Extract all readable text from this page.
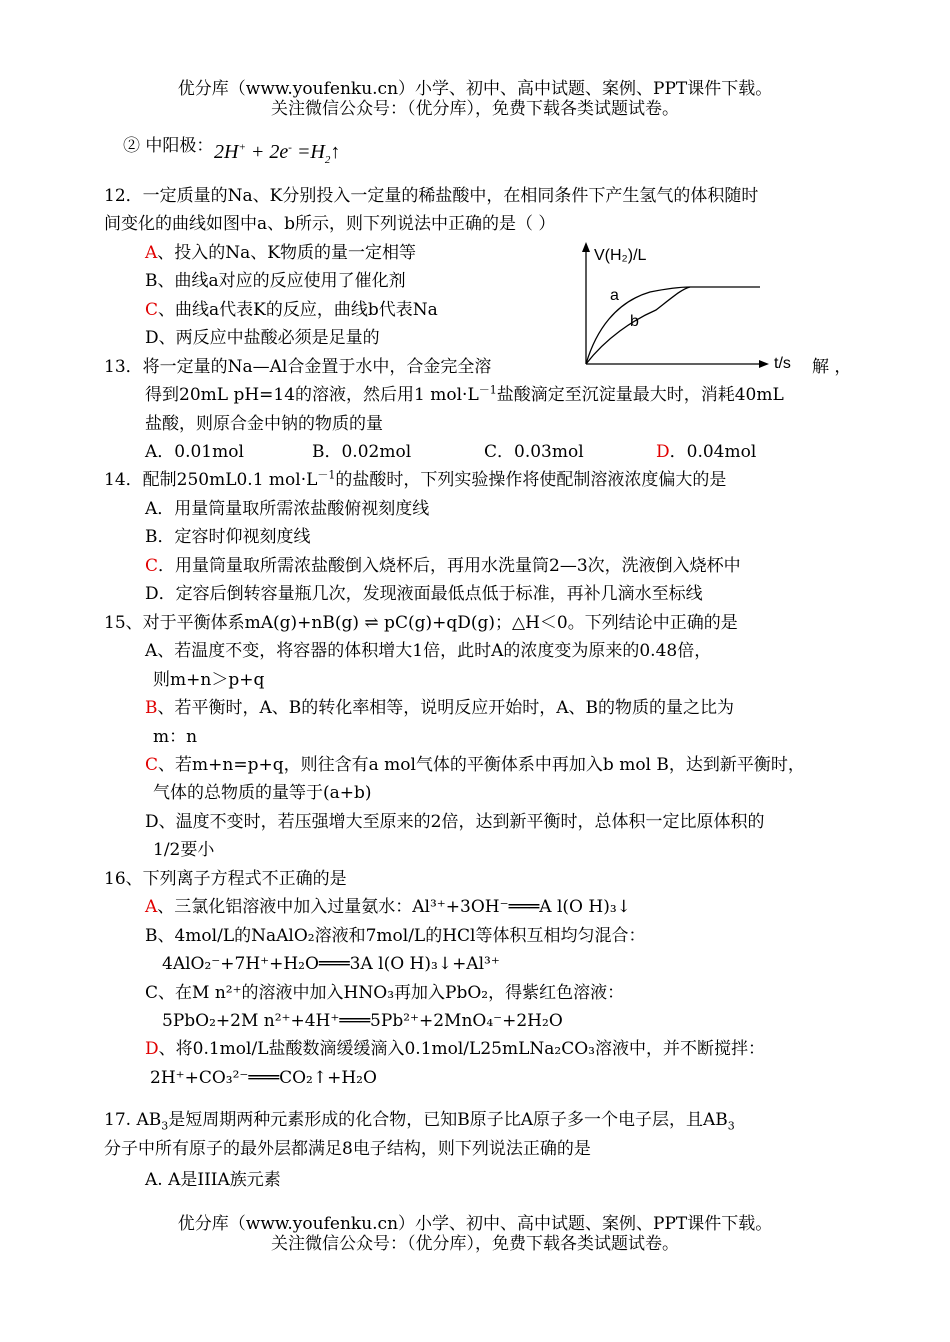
优分库（www.youfenku.cn）小学、初中、高中试题、案例、PPT课件下载。
关注微信公众号：（优分库），免费下载各类试题试卷。
② 中阳极： $2H^+ + 2e^- =H_2↑$
12．一定质量的Na、K分别投入一定量的稀盐酸中，在相同条件下产生氢气的体积随时
间变化的曲线如图中a、b所示，则下列说法中正确的是（ ）
A、投入的Na、K物质的量一定相等
B、曲线a对应的反应使用了催化剂
C、曲线a代表K的反应，曲线b代表Na
D、两反应中盐酸必须是足量的
V(H₂)/L
t/s
a
b
13．将一定量的Na—Al合金置于水中，合金完全溶	解 ，
得到20mL pH=14的溶液，然后用1 $mol\cdot L^{-1}$盐酸滴定至沉淀量最大时，消耗40mL
盐酸，则原合金中钠的物质的量
A．0.01mol	B．0.02mol	C．0.03mol	D．0.04mol
14．配制250mL0.1 $mol\cdot L^{-1}$的盐酸时，下列实验操作将使配制溶液浓度偏大的是
A．用量筒量取所需浓盐酸俯视刻度线
B．定容时仰视刻度线
C．用量筒量取所需浓盐酸倒入烧杯后，再用水洗量筒2—3次，洗液倒入烧杯中
D．定容后倒转容量瓶几次，发现液面最低点低于标准，再补几滴水至标线
15、对于平衡体系mA(g)+nB(g) ⇌ pC(g)+qD(g)；△H＜0。下列结论中正确的是
A、若温度不变，将容器的体积增大1倍，此时A的浓度变为原来的0.48倍，
则m+n＞p+q
B、若平衡时，A、B的转化率相等，说明反应开始时，A、B的物质的量之比为
m：n
C、若m+n=p+q，则往含有a mol气体的平衡体系中再加入b mol B，达到新平衡时，
气体的总物质的量等于(a+b)
D、温度不变时，若压强增大至原来的2倍，达到新平衡时，总体积一定比原体积的
1/2要小
16、下列离子方程式不正确的是
A、三氯化铝溶液中加入过量氨水：Al³⁺+3OH⁻═══A l(O H)₃↓
B、4mol/L的NaAlO₂溶液和7mol/L的HCl等体积互相均匀混合：
4AlO₂⁻+7H⁺+H₂O═══3A l(O H)₃↓+Al³⁺
C、在M n²⁺的溶液中加入HNO₃再加入PbO₂，得紫红色溶液：
5PbO₂+2M n²⁺+4H⁺═══5Pb²⁺+2MnO₄⁻+2H₂O
D、将0.1mol/L盐酸数滴缓缓滴入0.1mol/L25mLNa₂CO₃溶液中，并不断搅拌：
2H⁺+CO₃²⁻═══CO₂↑+H₂O
17. $AB_3$是短周期两种元素形成的化合物，已知B原子比A原子多一个电子层，且$AB_3$
分子中所有原子的最外层都满足8电子结构，则下列说法正确的是
A. A是IIIA族元素
优分库（www.youfenku.cn）小学、初中、高中试题、案例、PPT课件下载。
关注微信公众号：（优分库），免费下载各类试题试卷。
